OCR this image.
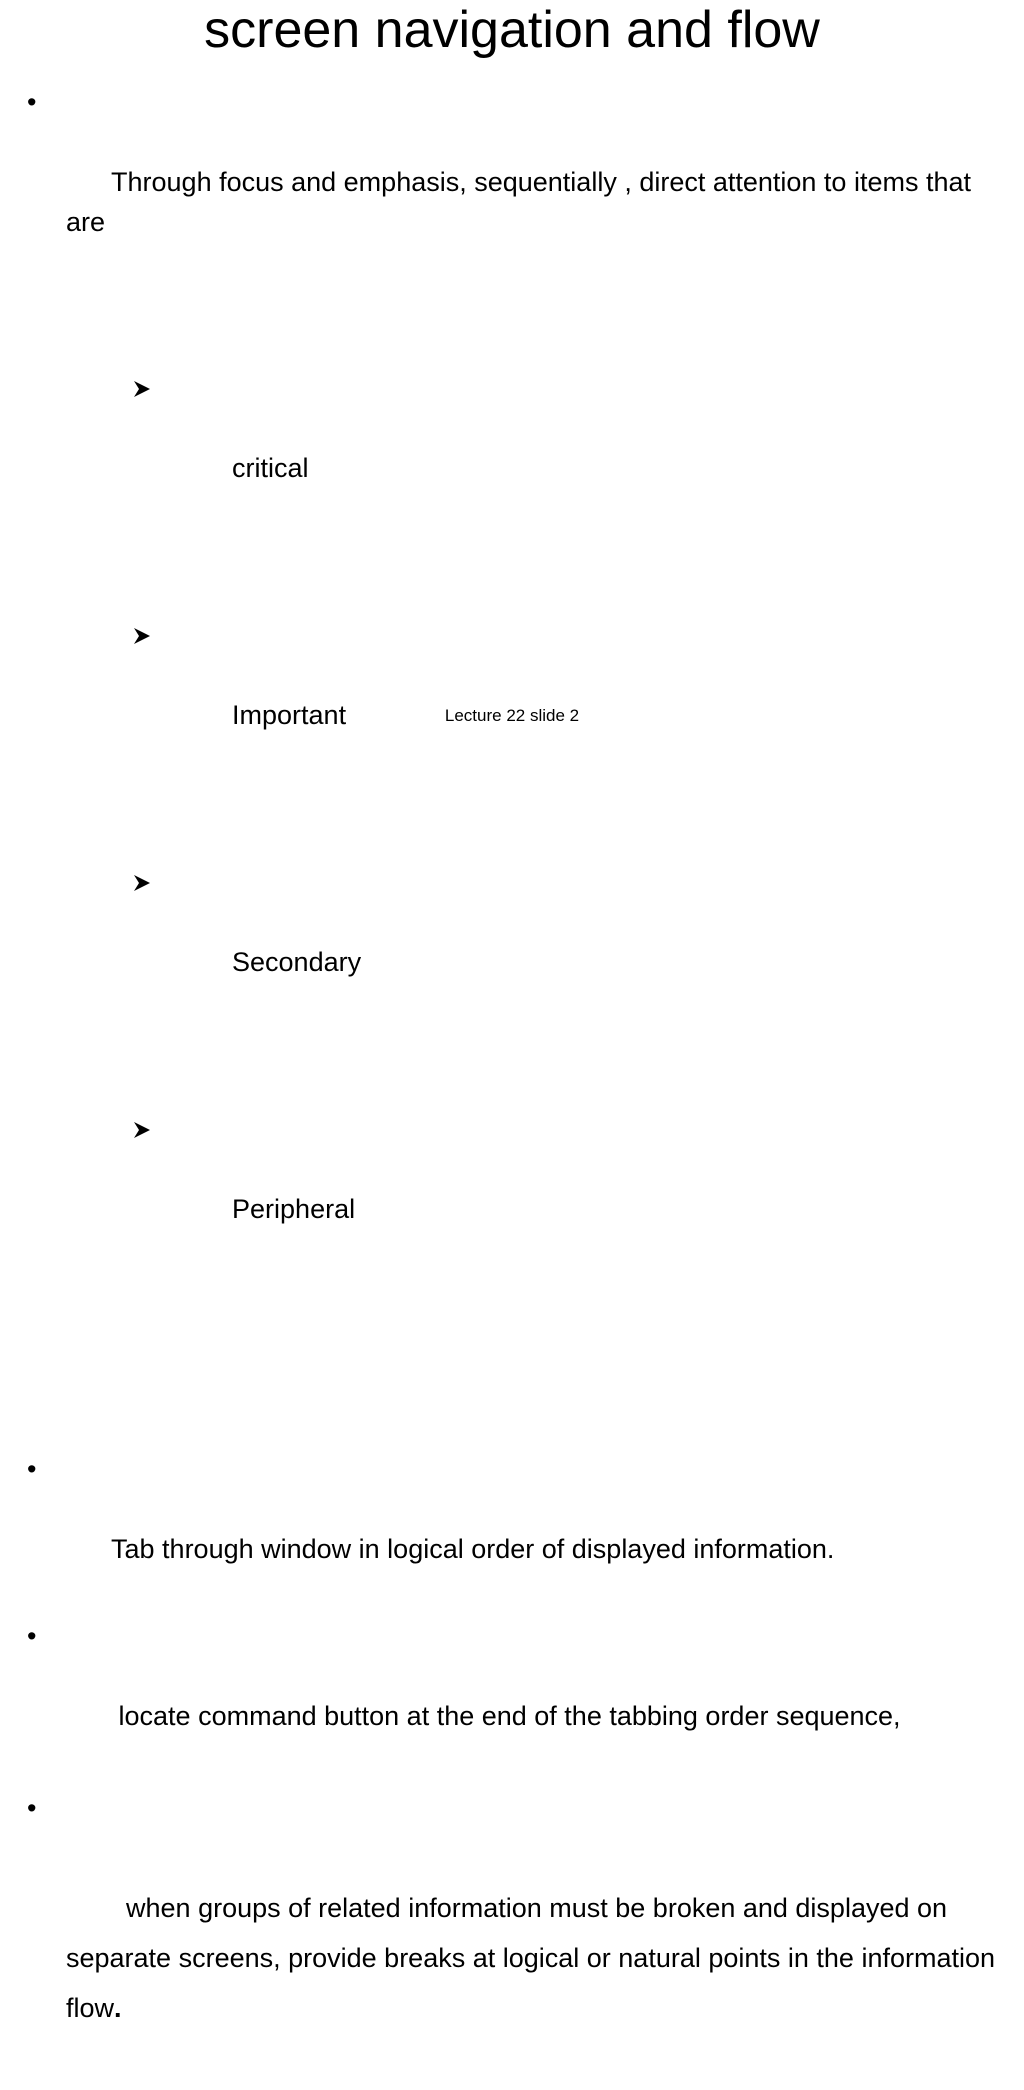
screen navigation and flow

•

Through focus and emphasis, sequentially , direct attention to items that are

critical

Important

Secondary

Peripheral

•

Tab through window in logical order of displayed information.

•

locate command button at the end of the tabbing order sequence,

•

when groups of related information must be broken and displayed on separate screens, provide breaks at logical or natural points in the information flow.

Lecture 22 slide 2
